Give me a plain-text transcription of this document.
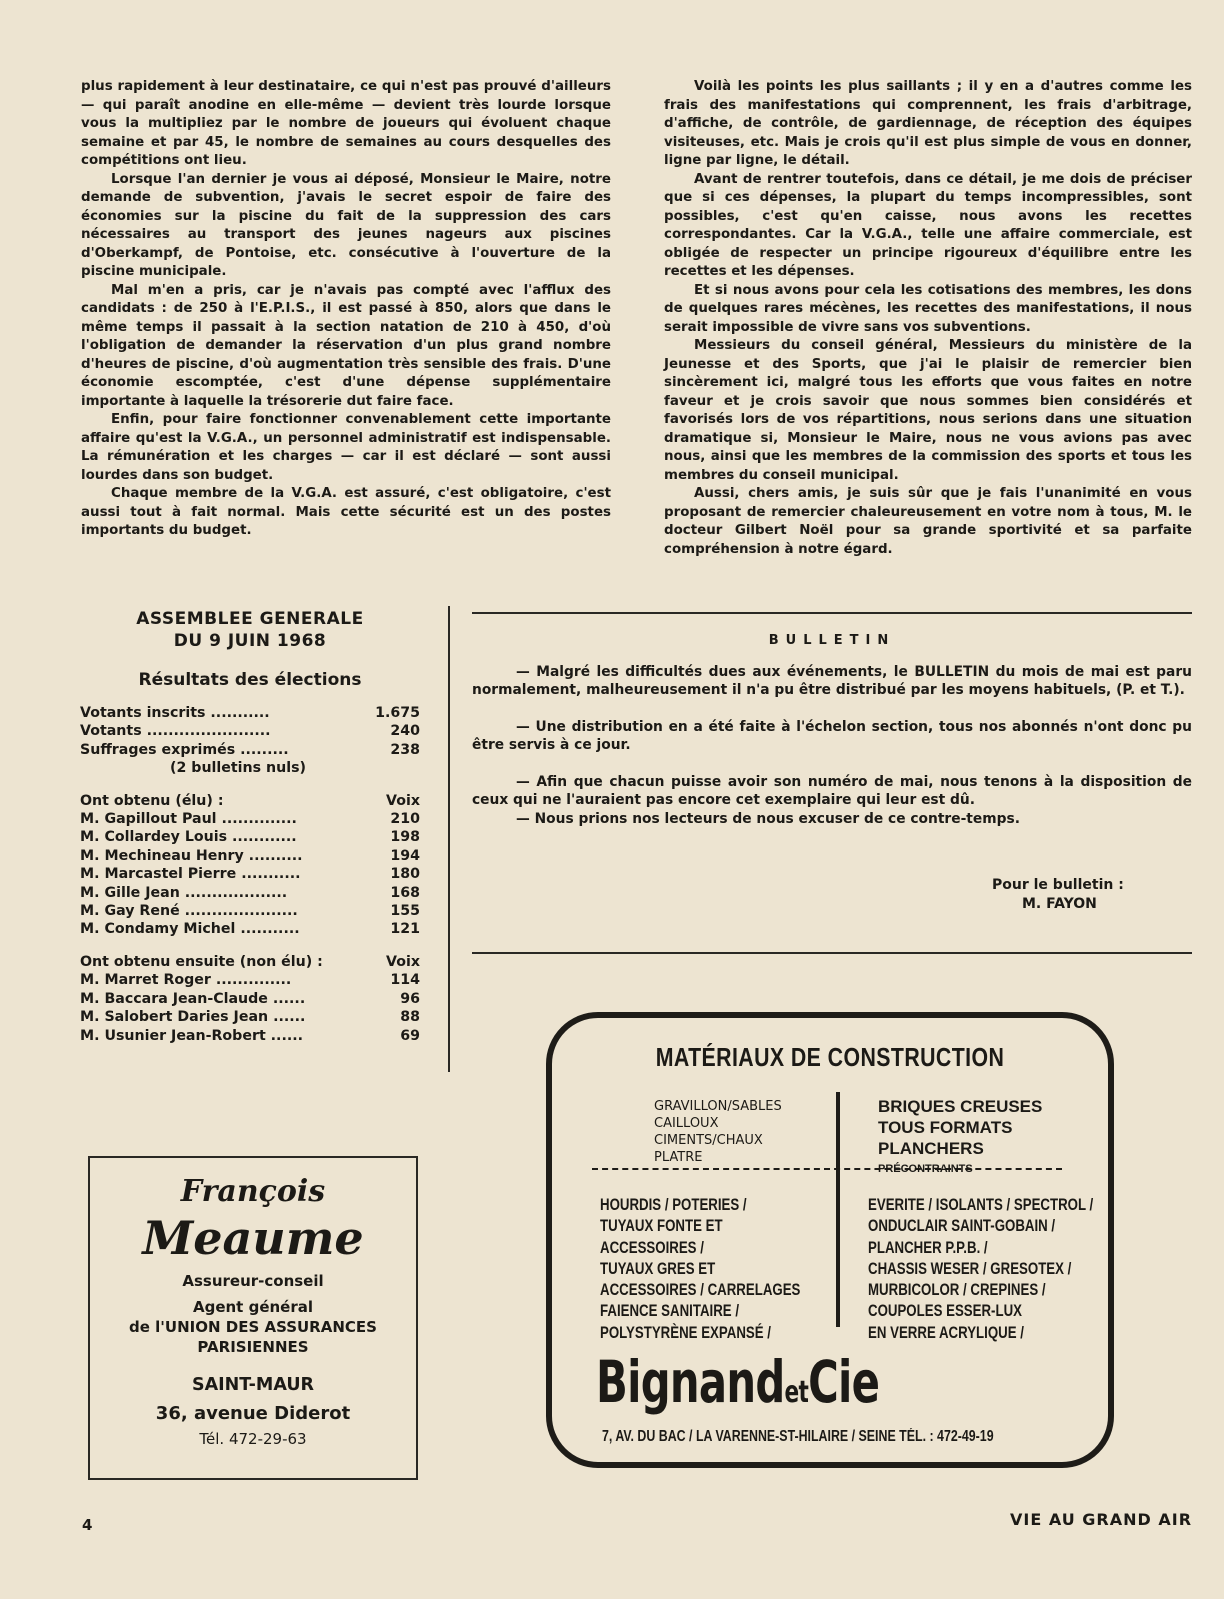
plus rapidement à leur destinataire, ce qui n'est pas prouvé d'ailleurs — qui paraît anodine en elle-même — devient très lourde lorsque vous la multipliez par le nombre de joueurs qui évoluent chaque semaine et par 45, le nombre de semaines au cours desquelles des compétitions ont lieu.

Lorsque l'an dernier je vous ai déposé, Monsieur le Maire, notre demande de subvention, j'avais le secret espoir de faire des économies sur la piscine du fait de la suppression des cars nécessaires au transport des jeunes nageurs aux piscines d'Oberkampf, de Pontoise, etc. consécutive à l'ouverture de la piscine municipale.

Mal m'en a pris, car je n'avais pas compté avec l'afflux des candidats : de 250 à l'E.P.I.S., il est passé à 850, alors que dans le même temps il passait à la section natation de 210 à 450, d'où l'obligation de demander la réservation d'un plus grand nombre d'heures de piscine, d'où augmentation très sensible des frais. D'une économie escomptée, c'est d'une dépense supplémentaire importante à laquelle la trésorerie dut faire face.

Enfin, pour faire fonctionner convenablement cette importante affaire qu'est la V.G.A., un personnel administratif est indispensable. La rémunération et les charges — car il est déclaré — sont aussi lourdes dans son budget.

Chaque membre de la V.G.A. est assuré, c'est obligatoire, c'est aussi tout à fait normal. Mais cette sécurité est un des postes importants du budget.

Voilà les points les plus saillants ; il y en a d'autres comme les frais des manifestations qui comprennent, les frais d'arbitrage, d'affiche, de contrôle, de gardiennage, de réception des équipes visiteuses, etc. Mais je crois qu'il est plus simple de vous en donner, ligne par ligne, le détail.

Avant de rentrer toutefois, dans ce détail, je me dois de préciser que si ces dépenses, la plupart du temps incompressibles, sont possibles, c'est qu'en caisse, nous avons les recettes correspondantes. Car la V.G.A., telle une affaire commerciale, est obligée de respecter un principe rigoureux d'équilibre entre les recettes et les dépenses.

Et si nous avons pour cela les cotisations des membres, les dons de quelques rares mécènes, les recettes des manifestations, il nous serait impossible de vivre sans vos subventions.

Messieurs du conseil général, Messieurs du ministère de la Jeunesse et des Sports, que j'ai le plaisir de remercier bien sincèrement ici, malgré tous les efforts que vous faites en notre faveur et je crois savoir que nous sommes bien considérés et favorisés lors de vos répartitions, nous serions dans une situation dramatique si, Monsieur le Maire, nous ne vous avions pas avec nous, ainsi que les membres de la commission des sports et tous les membres du conseil municipal.

Aussi, chers amis, je suis sûr que je fais l'unanimité en vous proposant de remercier chaleureusement en votre nom à tous, M. le docteur Gilbert Noël pour sa grande sportivité et sa parfaite compréhension à notre égard.

ASSEMBLEE GENERALE
DU 9 JUIN 1968
Résultats des élections
Votants inscrits ...........	1.675
Votants .......................	240
Suffrages exprimés .........	238
(2 bulletins nuls)
Ont obtenu (élu) :	Voix
M. Gapillout Paul ..............	210
M. Collardey Louis ............	198
M. Mechineau Henry ..........	194
M. Marcastel Pierre ...........	180
M. Gille Jean ...................	168
M. Gay René .....................	155
M. Condamy Michel ...........	121
Ont obtenu ensuite (non élu) :	Voix
M. Marret Roger ..............	114
M. Baccara Jean-Claude ......	96
M. Salobert Daries Jean ......	88
M. Usunier Jean-Robert ......	69
BULLETIN

— Malgré les difficultés dues aux événements, le BULLETIN du mois de mai est paru normalement, malheureusement il n'a pu être distribué par les moyens habituels, (P. et T.).

— Une distribution en a été faite à l'échelon section, tous nos abonnés n'ont donc pu être servis à ce jour.

— Afin que chacun puisse avoir son numéro de mai, nous tenons à la disposition de ceux qui ne l'auraient pas encore cet exemplaire qui leur est dû.

— Nous prions nos lecteurs de nous excuser de ce contre-temps.

Pour le bulletin :
M. FAYON
François
Meaume
Assureur-conseil
Agent général
de l'UNION DES ASSURANCES
PARISIENNES
SAINT-MAUR
36, avenue Diderot
Tél. 472-29-63
MATÉRIAUX DE CONSTRUCTION
GRAVILLON/SABLES
CAILLOUX
CIMENTS/CHAUX
PLATRE
BRIQUES CREUSES
TOUS FORMATS
PLANCHERS
PRÉCONTRAINTS
HOURDIS / POTERIES /
TUYAUX FONTE ET
ACCESSOIRES /
TUYAUX GRES ET
ACCESSOIRES / CARRELAGES
FAIENCE SANITAIRE /
POLYSTYRÈNE EXPANSÉ /
EVERITE / ISOLANTS / SPECTROL /
ONDUCLAIR SAINT-GOBAIN /
PLANCHER P.P.B. /
CHASSIS WESER / GRESOTEX /
MURBICOLOR / CREPINES /
COUPOLES ESSER-LUX
EN VERRE ACRYLIQUE /
BignandetCie
7, AV. DU BAC / LA VARENNE-ST-HILAIRE / SEINE TÉL. : 472-49-19
4	VIE AU GRAND AIR
